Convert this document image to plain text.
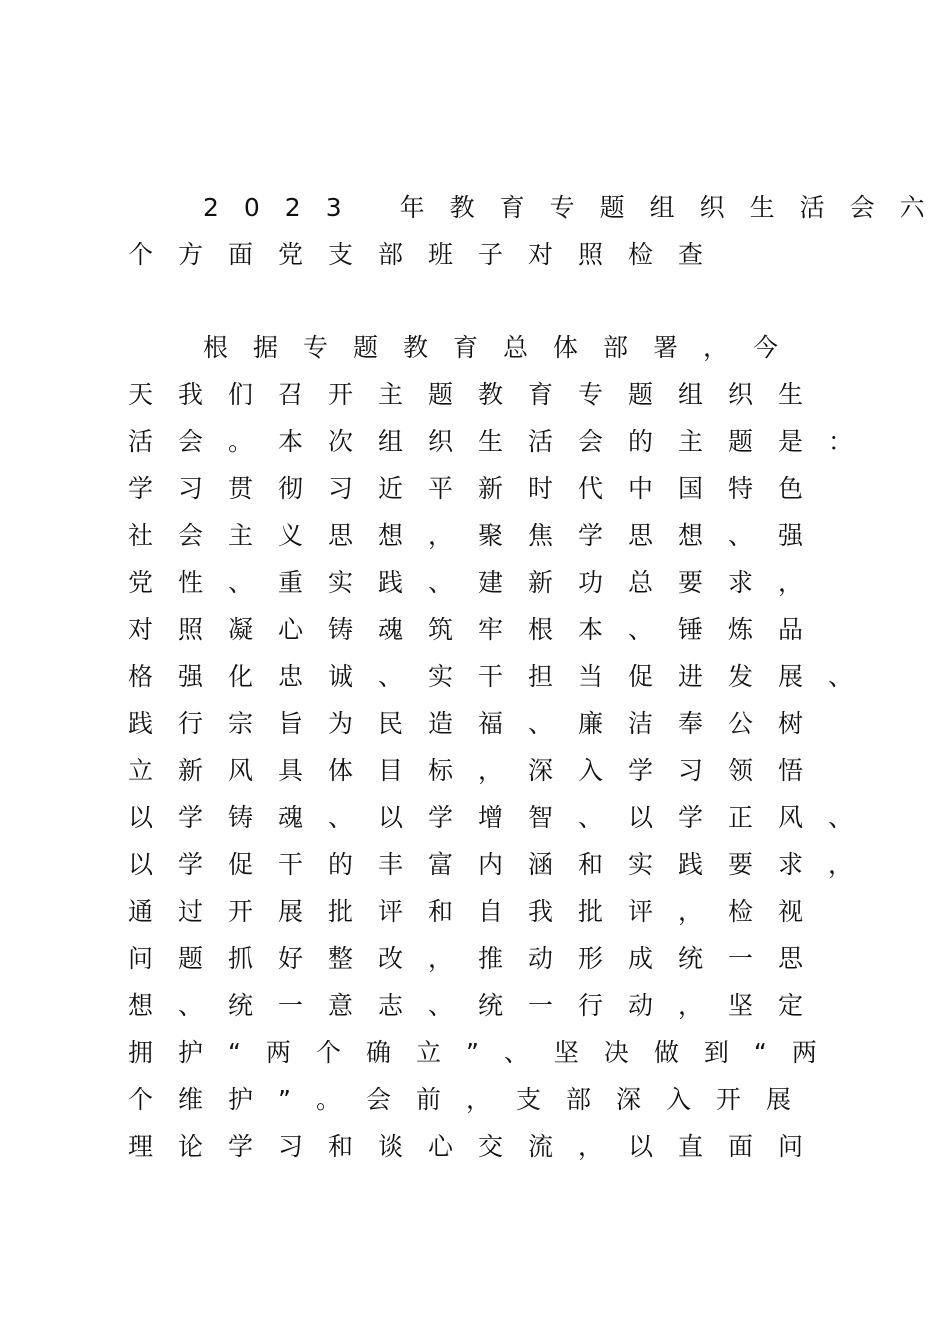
2023 年教育专题组织生活会六
个方面党支部班子对照检查
根据专题教育总体部署，今
天我们召开主题教育专题组织生
活会。本次组织生活会的主题是：
学习贯彻习近平新时代中国特色
社会主义思想，聚焦学思想、强
党性、重实践、建新功总要求，
对照凝心铸魂筑牢根本、锤炼品
格强化忠诚、实干担当促进发展、
践行宗旨为民造福、廉洁奉公树
立新风具体目标，深入学习领悟
以学铸魂、以学增智、以学正风、
以学促干的丰富内涵和实践要求，
通过开展批评和自我批评，检视
问题抓好整改，推动形成统一思
想、统一意志、统一行动，坚定
拥护“两个确立”、坚决做到“两
个维护”。会前，支部深入开展
理论学习和谈心交流，以直面问
